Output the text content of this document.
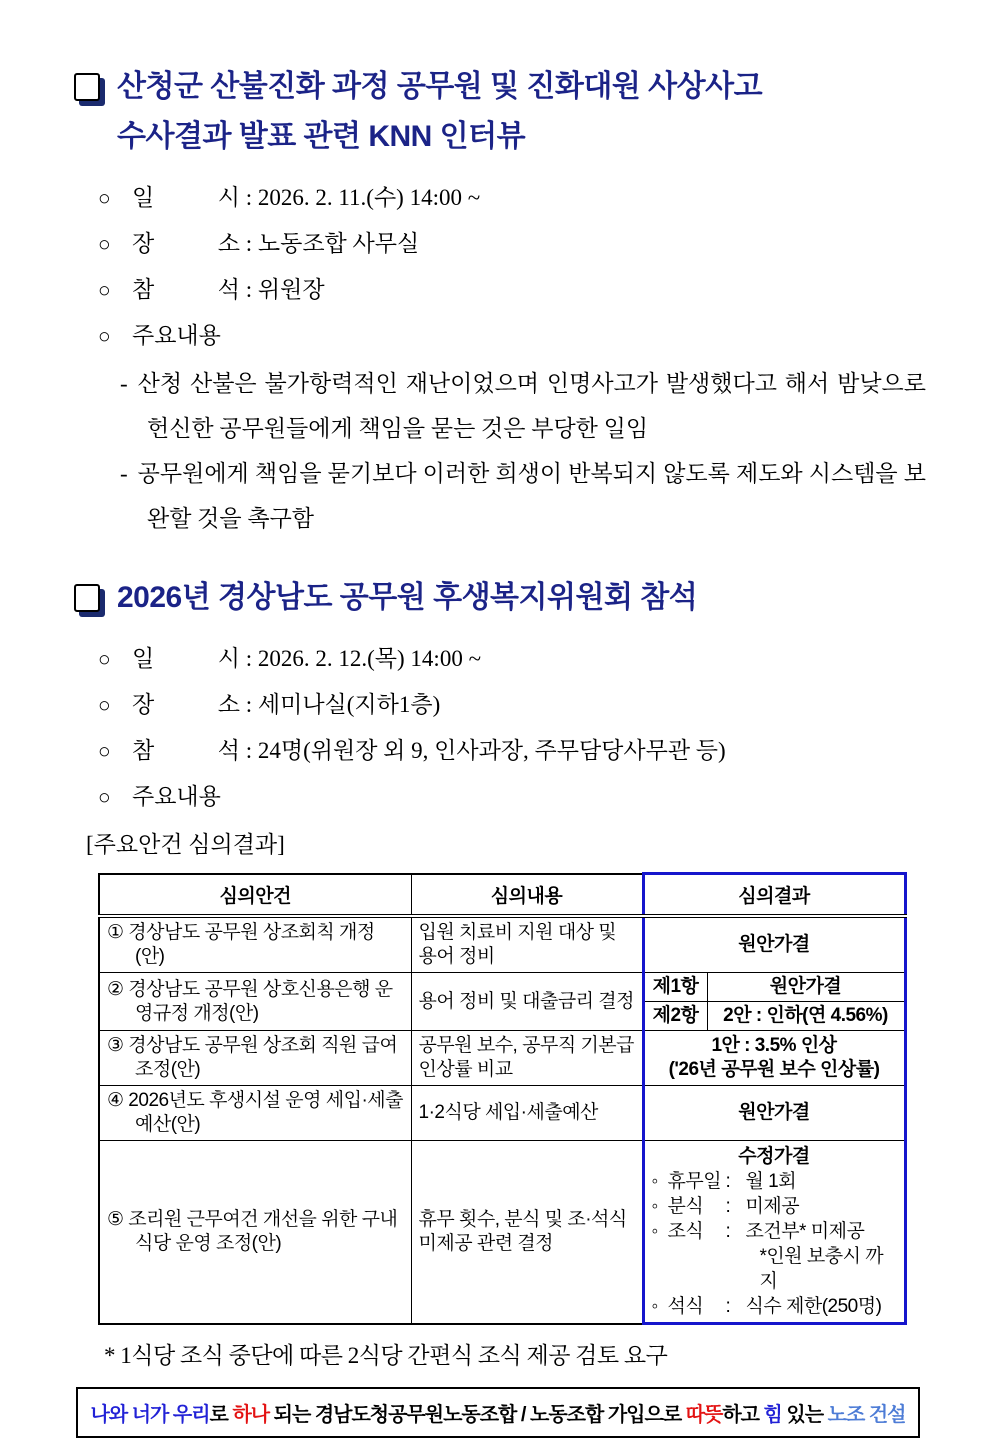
산청군 산불진화 과정 공무원 및 진화대원 사상사고
수사결과 발표 관련 KNN 인터뷰
○ 일 시 : 2026. 2. 11.(수) 14:00 ~
○ 장 소 : 노동조합 사무실
○ 참 석 : 위원장
○ 주요내용
- 산청 산불은 불가항력적인 재난이었으며 인명사고가 발생했다고 해서 밤낮으로 헌신한 공무원들에게 책임을 묻는 것은 부당한 일임
- 공무원에게 책임을 묻기보다 이러한 희생이 반복되지 않도록 제도와 시스템을 보완할 것을 촉구함
2026년 경상남도 공무원 후생복지위원회 참석
○ 일 시 : 2026. 2. 12.(목) 14:00 ~
○ 장 소 : 세미나실(지하1층)
○ 참 석 : 24명(위원장 외 9, 인사과장, 주무담당사무관 등)
○ 주요내용
[주요안건 심의결과]
심의안건	심의내용	심의결과
① 경상남도 공무원 상조회칙 개정(안)	입원 치료비 지원 대상 및 용어 정비	원안가결
② 경상남도 공무원 상호신용은행 운영규정 개정(안)	용어 정비 및 대출금리 결정	제1항 원안가결
제2항 2안 : 인하(연 4.56%)

③ 경상남도 공무원 상조회 직원 급여 조정(안)	공무원 보수, 공무직 기본급 인상률 비교	1안 : 3.5% 인상
('26년 공무원 보수 인상률)

④ 2026년도 후생시설 운영 세입·세출예산(안)	1·2식당 세입·세출예산	원안가결
⑤ 조리원 근무여건 개선을 위한 구내식당 운영 조정(안)	휴무 횟수, 분식 및 조·석식 미제공 관련 결정	
수정가결
◦ 휴무일 : 월 1회
◦ 분식 : 미제공
◦ 조식 : 조건부* 미제공
*인원 보충시 까지
◦ 석식 : 식수 제한(250명)
* 1식당 조식 중단에 따른 2식당 간편식 조식 제공 검토 요구
나와 너가 우리로 하나 되는 경남도청공무원노동조합 / 노동조합 가입으로 따뜻하고 힘 있는 노조 건설
